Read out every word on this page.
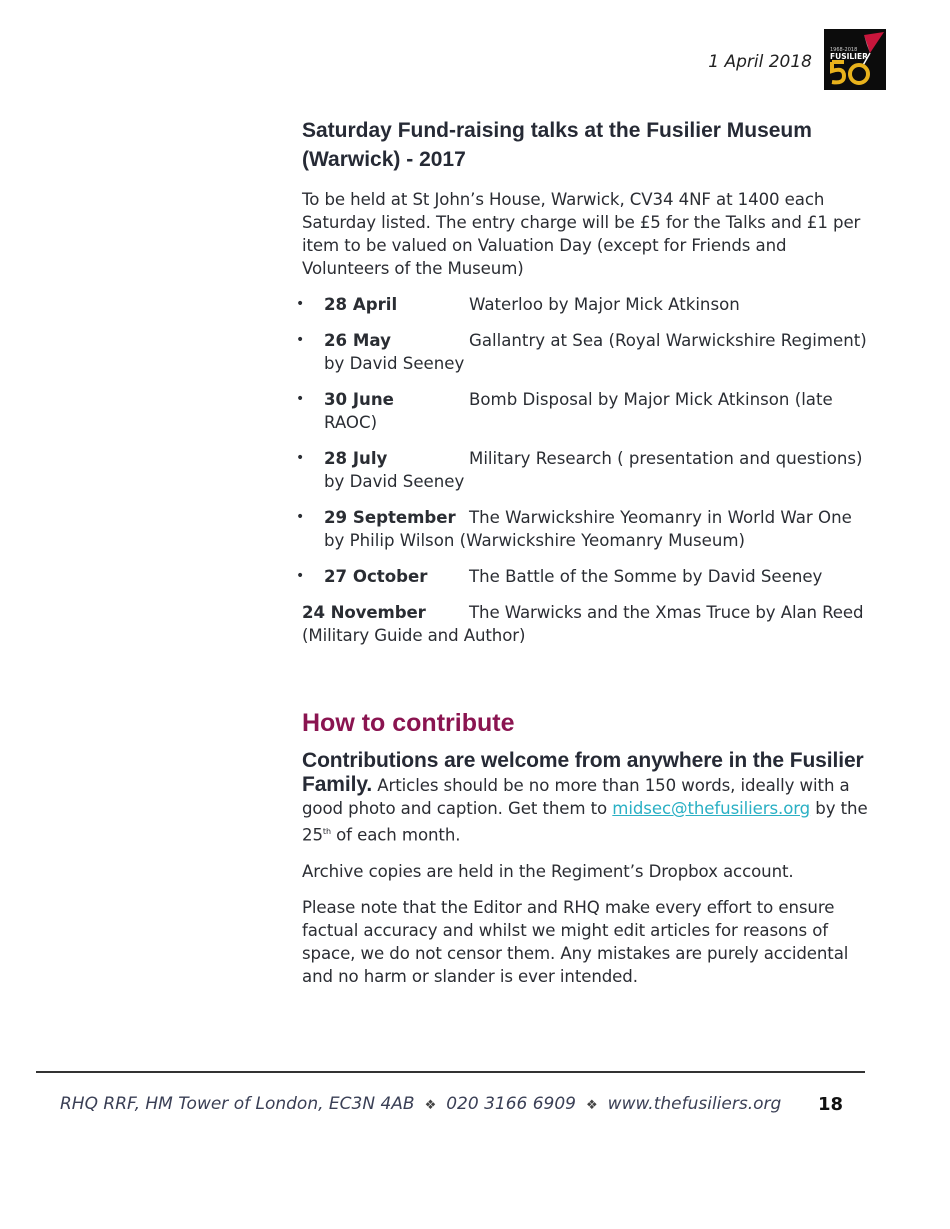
1 April 2018
1968-2018
FUSILIER
Saturday Fund-raising talks at the Fusilier Museum (Warwick) - 2017

To be held at St John’s House, Warwick, CV34 4NF at 1400 each Saturday listed. The entry charge will be £5 for the Talks and £1 per item to be valued on Valuation Day (except for Friends and Volunteers of the Museum)

• 28 April	Waterloo by Major Mick Atkinson
• 26 May	Gallantry at Sea (Royal Warwickshire Regiment) by David Seeney
• 30 June	Bomb Disposal by Major Mick Atkinson (late RAOC)
• 28 July	Military Research ( presentation and questions) by David Seeney
• 29 September The Warwickshire Yeomanry in World War One by Philip Wilson (Warwickshire Yeomanry Museum)
• 27 October	The Battle of the Somme by David Seeney

24 November	The Warwicks and the Xmas Truce by Alan Reed (Military Guide and Author)

How to contribute

Contributions are welcome from anywhere in the Fusilier Family. Articles should be no more than 150 words, ideally with a good photo and caption. Get them to midsec@thefusiliers.org by the 25th of each month.

Archive copies are held in the Regiment’s Dropbox account.

Please note that the Editor and RHQ make every effort to ensure factual accuracy and whilst we might edit articles for reasons of space, we do not censor them. Any mistakes are purely accidental and no harm or slander is ever intended.

RHQ RRF, HM Tower of London, EC3N 4AB ❖ 020 3166 6909 ❖ www.thefusiliers.org 18
